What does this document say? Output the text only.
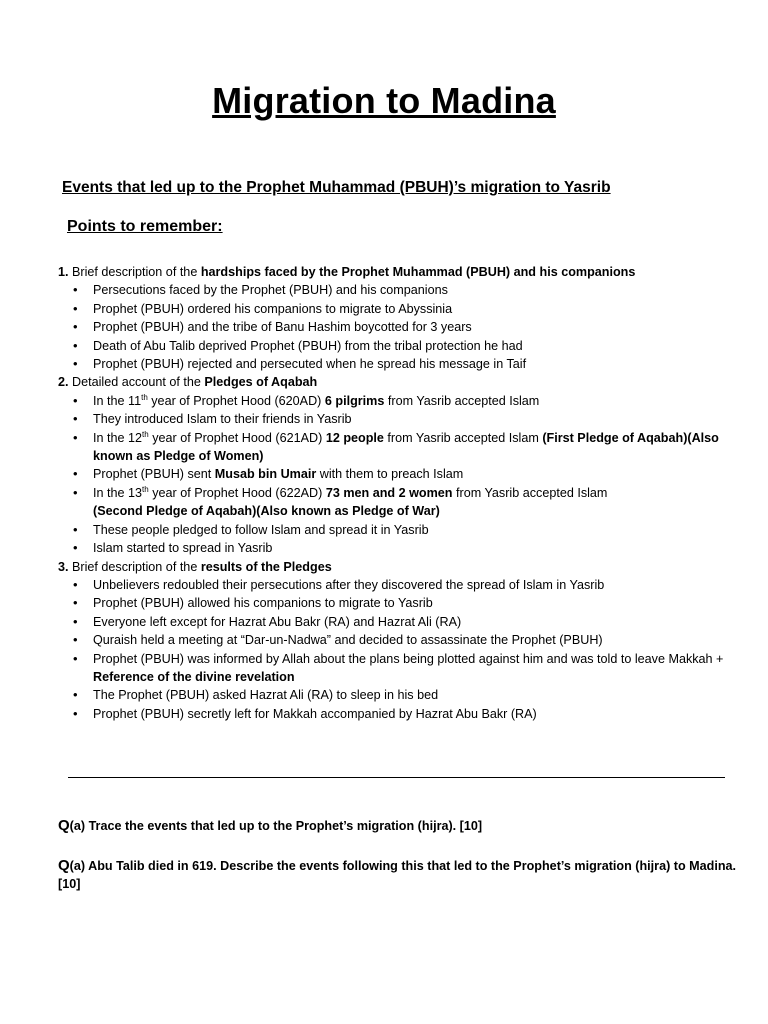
Migration to Madina
Events that led up to the Prophet Muhammad (PBUH)’s migration to Yasrib
Points to remember:
1. Brief description of the hardships faced by the Prophet Muhammad (PBUH) and his companions
• Persecutions faced by the Prophet (PBUH) and his companions
• Prophet (PBUH) ordered his companions to migrate to Abyssinia
• Prophet (PBUH) and the tribe of Banu Hashim boycotted for 3 years
• Death of Abu Talib deprived Prophet (PBUH) from the tribal protection he had
• Prophet (PBUH) rejected and persecuted when he spread his message in Taif
2. Detailed account of the Pledges of Aqabah
• In the 11th year of Prophet Hood (620AD) 6 pilgrims from Yasrib accepted Islam
• They introduced Islam to their friends in Yasrib
• In the 12th year of Prophet Hood (621AD) 12 people from Yasrib accepted Islam (First Pledge of Aqabah)(Also known as Pledge of Women)
• Prophet (PBUH) sent Musab bin Umair with them to preach Islam
• In the 13th year of Prophet Hood (622AD) 73 men and 2 women from Yasrib accepted Islam
(Second Pledge of Aqabah)(Also known as Pledge of War)
• These people pledged to follow Islam and spread it in Yasrib
• Islam started to spread in Yasrib
3. Brief description of the results of the Pledges
• Unbelievers redoubled their persecutions after they discovered the spread of Islam in Yasrib
• Prophet (PBUH) allowed his companions to migrate to Yasrib
• Everyone left except for Hazrat Abu Bakr (RA) and Hazrat Ali (RA)
• Quraish held a meeting at “Dar-un-Nadwa” and decided to assassinate the Prophet (PBUH)
• Prophet (PBUH) was informed by Allah about the plans being plotted against him and was told to leave Makkah + Reference of the divine revelation
• The Prophet (PBUH) asked Hazrat Ali (RA) to sleep in his bed
• Prophet (PBUH) secretly left for Makkah accompanied by Hazrat Abu Bakr (RA)
Q(a) Trace the events that led up to the Prophet’s migration (hijra). [10]
Q(a) Abu Talib died in 619. Describe the events following this that led to the Prophet’s migration (hijra) to Madina. [10]
